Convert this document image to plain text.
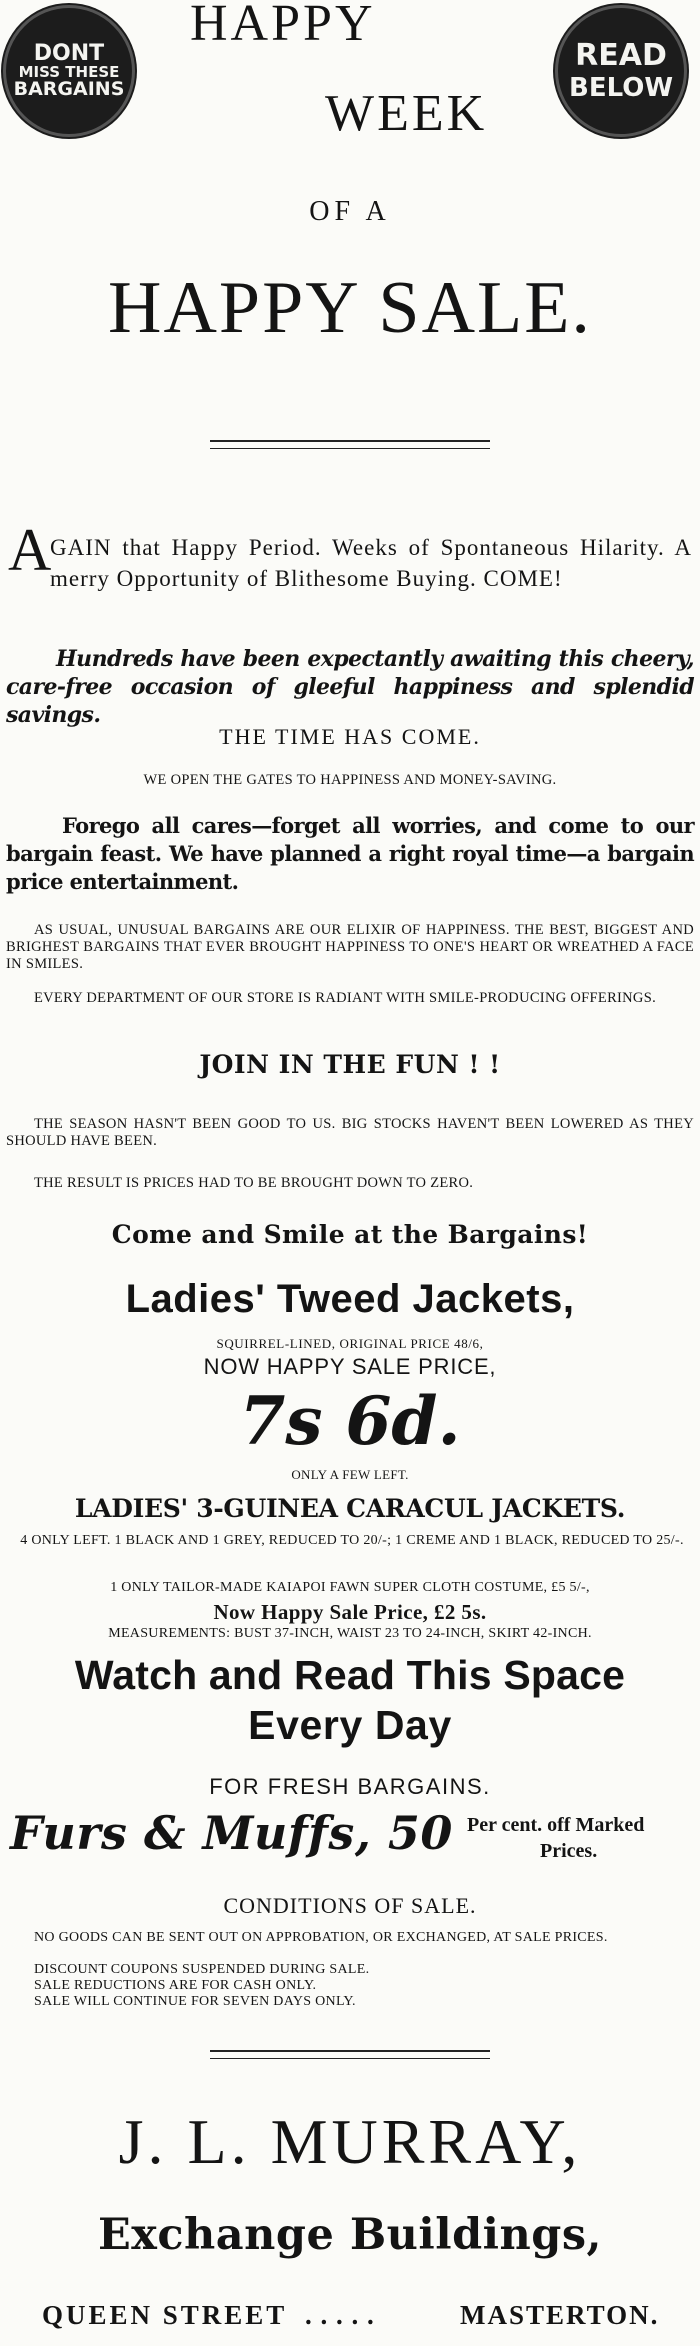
DONT
MISS THESE
BARGAINS
READ
BELOW
HAPPY
WEEK
OF A
HAPPY SALE.
A
GAIN that Happy Period. Weeks of Spontaneous Hilarity. A merry Opportunity of Blithesome Buying. COME!
Hundreds have been expectantly awaiting this cheery, care-free occasion of gleeful happiness and splendid savings.
THE TIME HAS COME.
WE OPEN THE GATES TO HAPPINESS AND MONEY-SAVING.
Forego all cares—forget all worries, and come to our bargain feast. We have planned a right royal time—a bargain price entertainment.
AS USUAL, UNUSUAL BARGAINS ARE OUR ELIXIR OF HAPPINESS. THE BEST, BIGGEST AND BRIGHEST BARGAINS THAT EVER BROUGHT HAPPINESS TO ONE'S HEART OR WREATHED A FACE IN SMILES.
EVERY DEPARTMENT OF OUR STORE IS RADIANT WITH SMILE-PRODUCING OFFERINGS.
JOIN IN THE FUN ! !
THE SEASON HASN'T BEEN GOOD TO US. BIG STOCKS HAVEN'T BEEN LOWERED AS THEY SHOULD HAVE BEEN.
THE RESULT IS PRICES HAD TO BE BROUGHT DOWN TO ZERO.
Come and Smile at the Bargains!
Ladies' Tweed Jackets,
SQUIRREL-LINED, ORIGINAL PRICE 48/6,
NOW HAPPY SALE PRICE,
7s 6d.
ONLY A FEW LEFT.
LADIES' 3-GUINEA CARACUL JACKETS.
4 ONLY LEFT. 1 BLACK AND 1 GREY, REDUCED TO 20/-; 1 CREME AND 1 BLACK, REDUCED TO 25/-.
1 ONLY TAILOR-MADE KAIAPOI FAWN SUPER CLOTH COSTUME, £5 5/-,
Now Happy Sale Price, £2 5s.
MEASUREMENTS: BUST 37-INCH, WAIST 23 TO 24-INCH, SKIRT 42-INCH.
Watch and Read This Space
Every Day
FOR FRESH BARGAINS.
Furs & Muffs, 50 Per cent. off Marked
Prices.
CONDITIONS OF SALE.
NO GOODS CAN BE SENT OUT ON APPROBATION, OR EXCHANGED, AT SALE PRICES.
DISCOUNT COUPONS SUSPENDED DURING SALE.
SALE REDUCTIONS ARE FOR CASH ONLY.
SALE WILL CONTINUE FOR SEVEN DAYS ONLY.
J. L. MURRAY,
Exchange Buildings,
QUEEN STREET . . . . .	MASTERTON.
